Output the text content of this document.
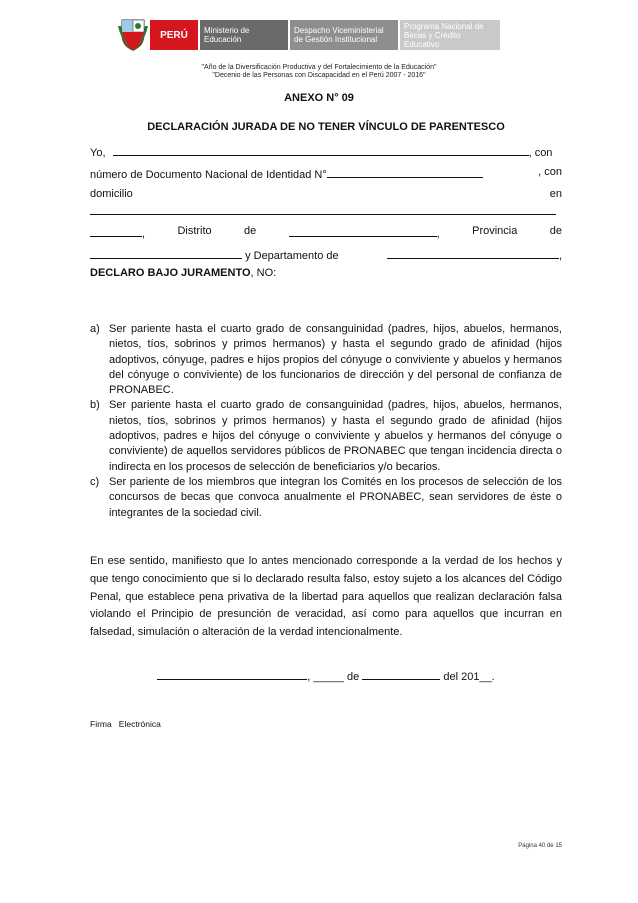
PERÚ	Ministerio de Educación
Despacho Viceministerial de Gestión Institucional
Programa Nacional de Becas y Crédito Educativo
"Año de la Diversificación Productiva y del Fortalecimiento de la Educación"
"Decenio de las Personas con Discapacidad en el Perú 2007 - 2016"
ANEXO N° 09
DECLARACIÓN JURADA DE NO TENER VÍNCULO DE PARENTESCO
Yo,	, con
número de Documento Nacional de Identidad N°	, con
domicilio	en
,	Distrito	de	,	Provincia	de
y Departamento de	,
DECLARO BAJO JURAMENTO, NO:
a) Ser pariente hasta el cuarto grado de consanguinidad (padres, hijos, abuelos, hermanos, nietos, tíos, sobrinos y primos hermanos) y hasta el segundo grado de afinidad (hijos adoptivos, cónyuge, padres e hijos propios del cónyuge o conviviente y abuelos y hermanos del cónyuge o conviviente) de los funcionarios de dirección y del personal de confianza de PRONABEC.
b) Ser pariente hasta el cuarto grado de consanguinidad (padres, hijos, abuelos, hermanos, nietos, tíos, sobrinos y primos hermanos) y hasta el segundo grado de afinidad (hijos adoptivos, padres e hijos del cónyuge o conviviente y abuelos y hermanos del cónyuge o conviviente) de aquellos servidores públicos de PRONABEC que tengan incidencia directa o indirecta en los procesos de selección de beneficiarios y/o becarios.
c) Ser pariente de los miembros que integran los Comités en los procesos de selección de los concursos de becas que convoca anualmente el PRONABEC, sean servidores de éste o integrantes de la sociedad civil.
En ese sentido, manifiesto que lo antes mencionado corresponde a la verdad de los hechos y que tengo conocimiento que si lo declarado resulta falso, estoy sujeto a los alcances del Código Penal, que establece pena privativa de la libertad para aquellos que realizan declaración falsa violando el Principio de presunción de veracidad, así como para aquellos que incurran en falsedad, simulación o alteración de la verdad intencionalmente.
, _____ de	del 201__.
Firma   Electrónica
Página 40 de 15
